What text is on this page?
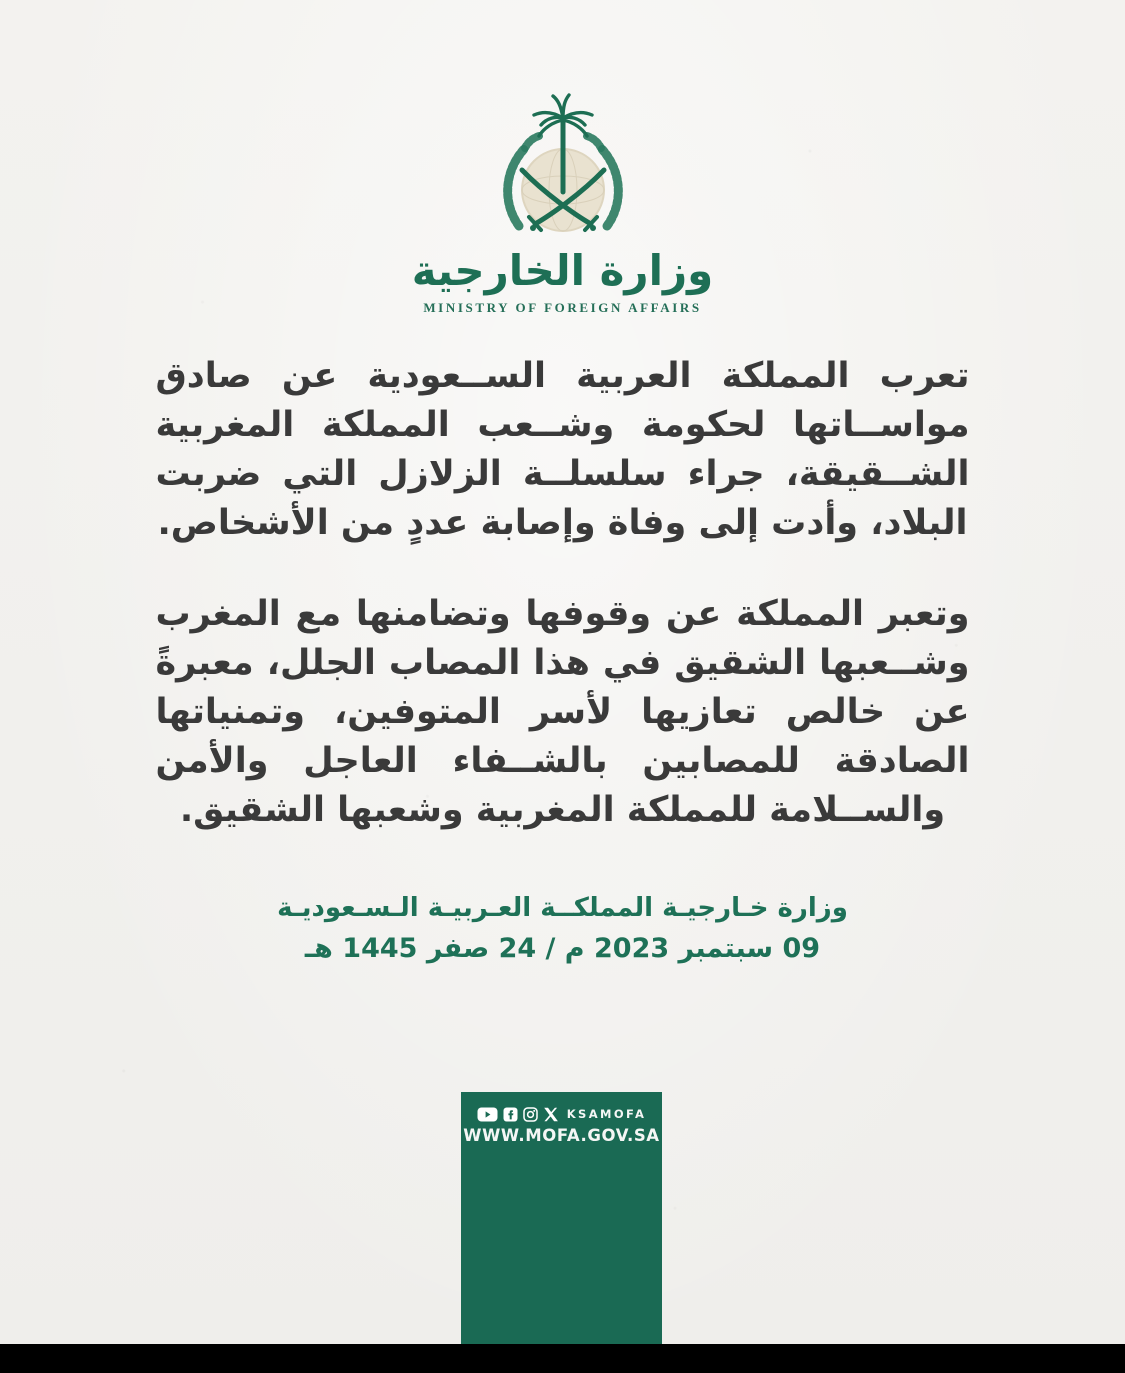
وزارة الخارجية
MINISTRY OF FOREIGN AFFAIRS

تعرب المملكة العربية الســعودية عن صادق مواســاتها لحكومة وشــعب المملكة المغربية الشــقيقة، جراء سلسلــة الزلازل التي ضربت البلاد، وأدت إلى وفاة وإصابة عددٍ من الأشخاص.

وتعبر المملكة عن وقوفها وتضامنها مع المغرب وشــعبها الشقيق في هذا المصاب الجلل، معبرةً عن خالص تعازيها لأسر المتوفين، وتمنياتها الصادقة للمصابين بالشــفاء العاجل والأمن والســلامة للمملكة المغربية وشعبها الشقيق.

وزارة خـارجيـة المملكــة العـربيـة الـسـعوديـة
09 سبتمبر 2023 م / 24 صفر 1445 هـ
KSAMOFA
WWW.MOFA.GOV.SA
